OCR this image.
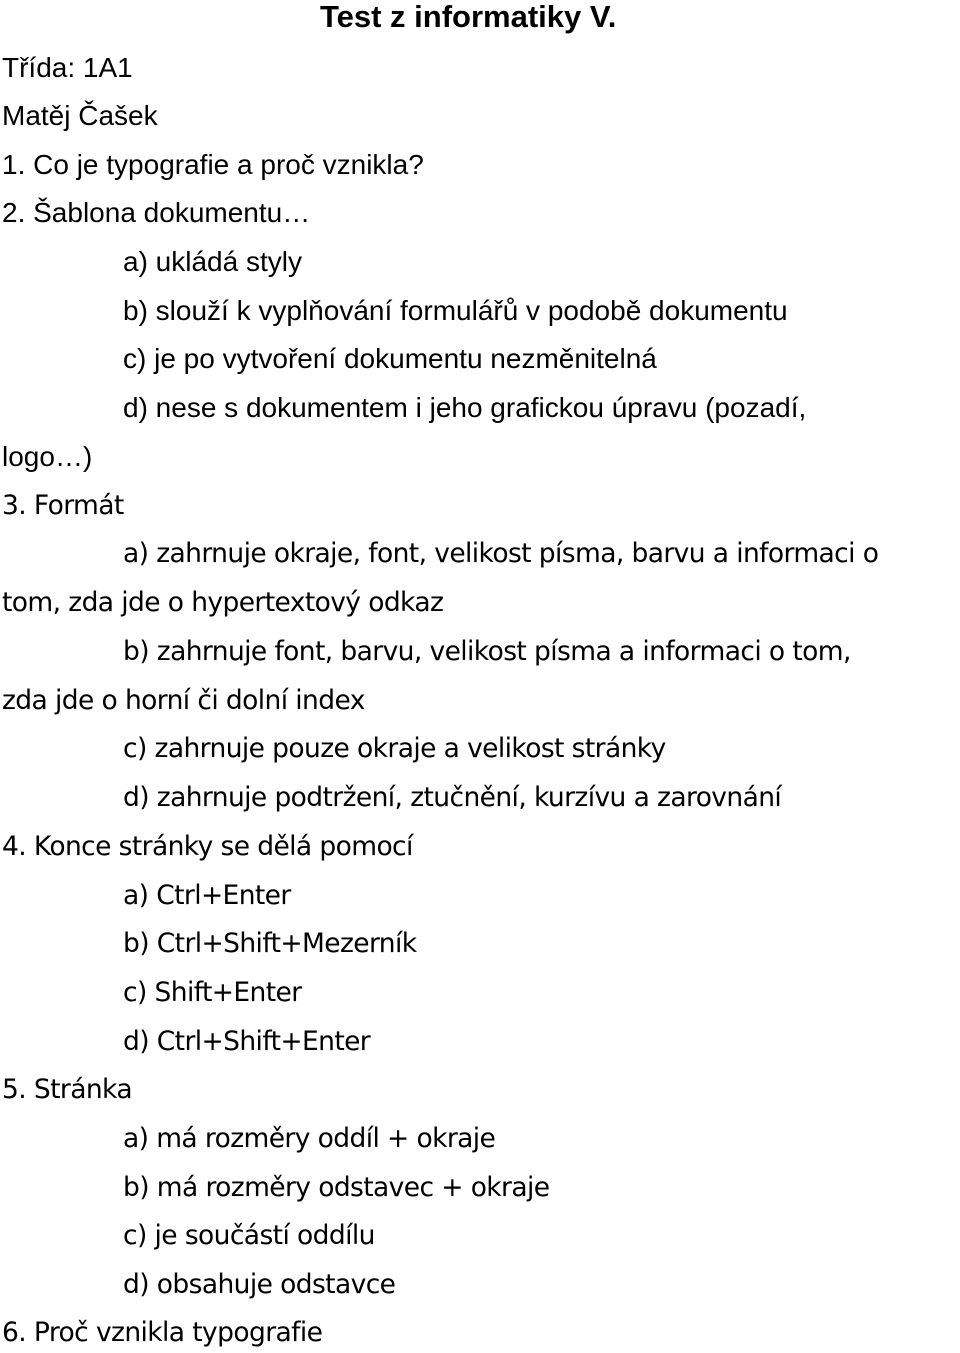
Test z informatiky V.
Třída: 1A1
Matěj Čašek
1. Co je typografie a proč vznikla?
2. Šablona dokumentu…
a) ukládá styly
b) slouží k vyplňování formulářů v podobě dokumentu
c) je po vytvoření dokumentu nezměnitelná
d) nese s dokumentem i jeho grafickou úpravu (pozadí,
logo…)
3. Formát
a) zahrnuje okraje, font, velikost písma, barvu a informaci o
tom, zda jde o hypertextový odkaz
b) zahrnuje font, barvu, velikost písma a informaci o tom,
zda jde o horní či dolní index
c) zahrnuje pouze okraje a velikost stránky
d) zahrnuje podtržení, ztučnění, kurzívu a zarovnání
4. Konce stránky se dělá pomocí
a) Ctrl+Enter
b) Ctrl+Shift+Mezerník
c) Shift+Enter
d) Ctrl+Shift+Enter
5. Stránka
a) má rozměry oddíl + okraje
b) má rozměry odstavec + okraje
c) je součástí oddílu
d) obsahuje odstavce
6. Proč vznikla typografie
